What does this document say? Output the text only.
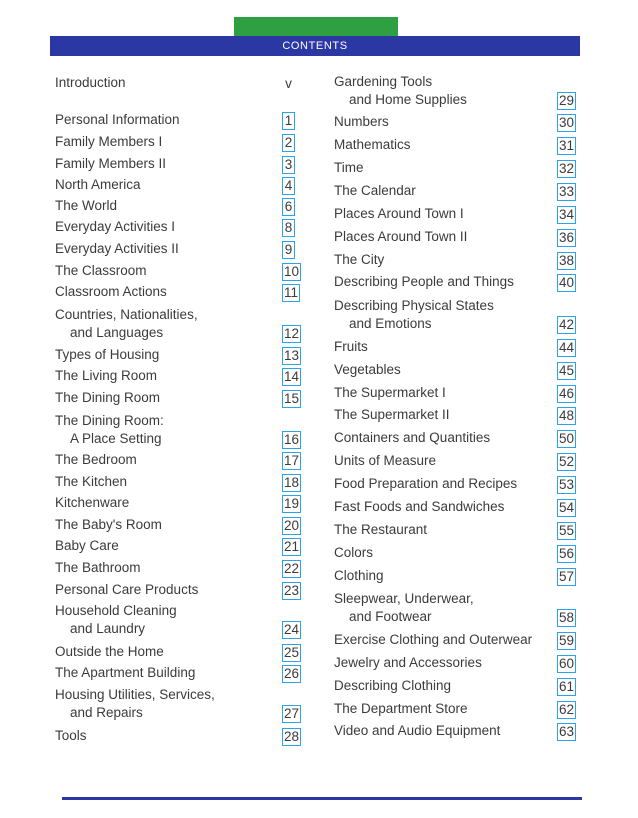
CONTENTS
Introduction	v
Personal Information	1
Family Members I	2
Family Members II	3
North America	4
The World	6
Everyday Activities I	8
Everyday Activities II	9
The Classroom	10
Classroom Actions	11
Countries, Nationalities,
and Languages	12
Types of Housing	13
The Living Room	14
The Dining Room	15
The Dining Room:
A Place Setting	16
The Bedroom	17
The Kitchen	18
Kitchenware	19
The Baby's Room	20
Baby Care	21
The Bathroom	22
Personal Care Products	23
Household Cleaning
and Laundry	24
Outside the Home	25
The Apartment Building	26
Housing Utilities, Services,
and Repairs	27
Tools	28
Gardening Tools
and Home Supplies	29
Numbers	30
Mathematics	31
Time	32
The Calendar	33
Places Around Town I	34
Places Around Town II	36
The City	38
Describing People and Things	40
Describing Physical States
and Emotions	42
Fruits	44
Vegetables	45
The Supermarket I	46
The Supermarket II	48
Containers and Quantities	50
Units of Measure	52
Food Preparation and Recipes	53
Fast Foods and Sandwiches	54
The Restaurant	55
Colors	56
Clothing	57
Sleepwear, Underwear,
and Footwear	58
Exercise Clothing and Outerwear 59
Jewelry and Accessories	60
Describing Clothing	61
The Department Store	62
Video and Audio Equipment	63
